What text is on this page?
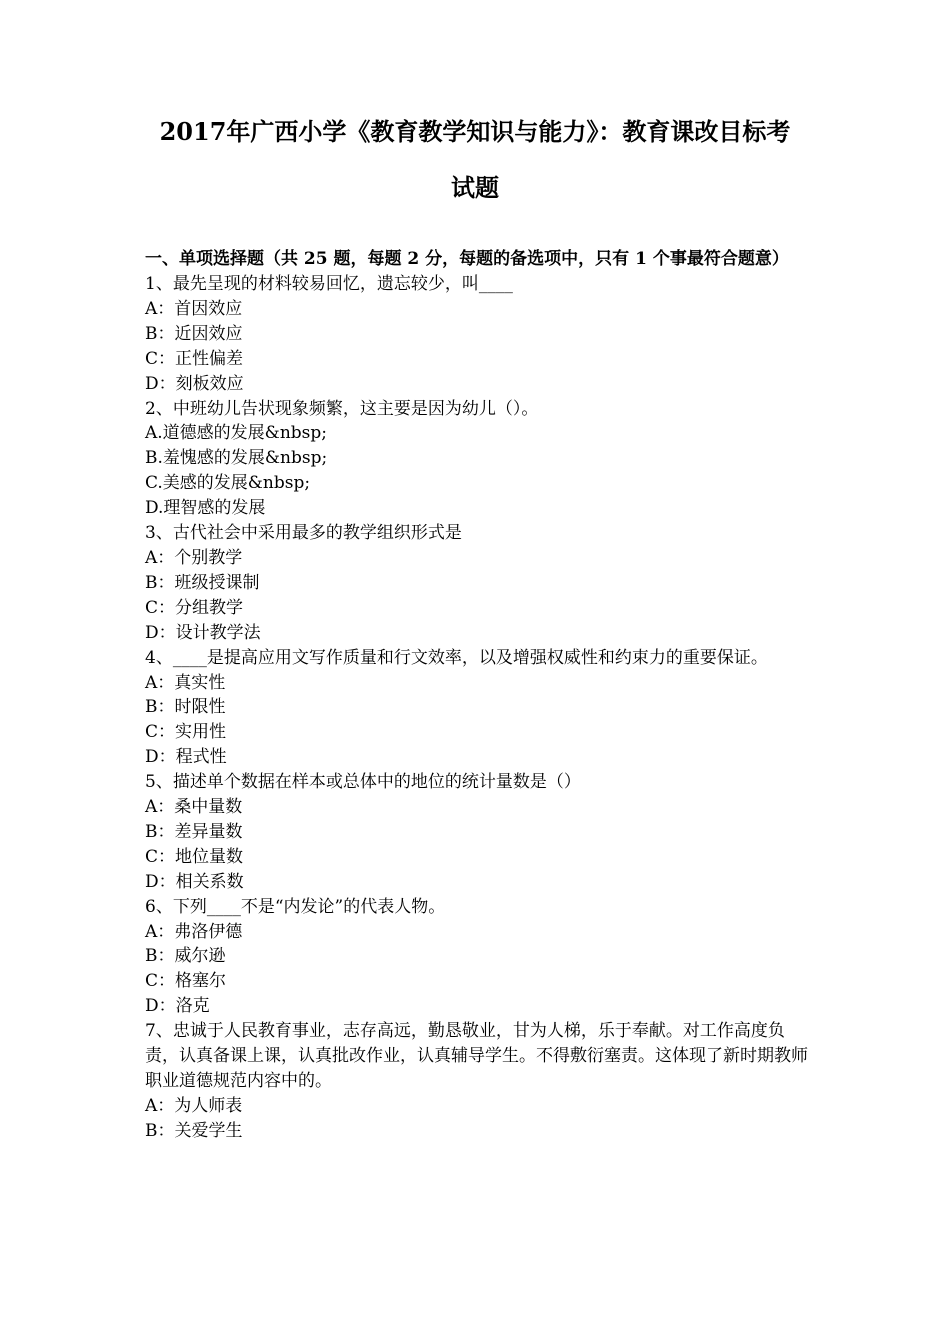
2017年广西小学《教育教学知识与能力》：教育课改目标考
试题
一、单项选择题（共 25 题，每题 2 分，每题的备选项中，只有 1 个事最符合题意）
1、最先呈现的材料较易回忆，遗忘较少，叫____
A：首因效应
B：近因效应
C：正性偏差
D：刻板效应
2、中班幼儿告状现象频繁，这主要是因为幼儿（）。
A.道德感的发展&nbsp;
B.羞愧感的发展&nbsp;
C.美感的发展&nbsp;
D.理智感的发展
3、古代社会中采用最多的教学组织形式是
A：个别教学
B：班级授课制
C：分组教学
D：设计教学法
4、____是提高应用文写作质量和行文效率，以及增强权威性和约束力的重要保证。
A：真实性
B：时限性
C：实用性
D：程式性
5、描述单个数据在样本或总体中的地位的统计量数是（）
A：桑中量数
B：差异量数
C：地位量数
D：相关系数
6、下列____不是“内发论”的代表人物。
A：弗洛伊德
B：威尔逊
C：格塞尔
D：洛克
7、忠诚于人民教育事业，志存高远，勤恳敬业，甘为人梯，乐于奉献。对工作高度负责，认真备课上课，认真批改作业，认真辅导学生。不得敷衍塞责。这体现了新时期教师职业道德规范内容中的。
A：为人师表
B：关爱学生
